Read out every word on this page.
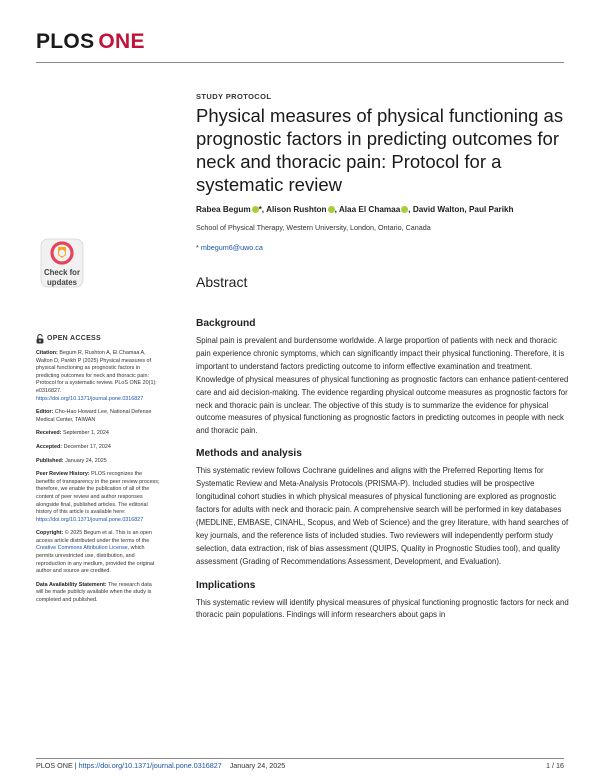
PLOS ONE
STUDY PROTOCOL
Physical measures of physical functioning as prognostic factors in predicting outcomes for neck and thoracic pain: Protocol for a systematic review
Rabea Begum *, Alison Rushton , Alaa El Chamaa , David Walton, Paul Parikh
School of Physical Therapy, Western University, London, Ontario, Canada
* mbegum6@uwo.ca
Abstract
Check for
updates
OPEN ACCESS
Citation: Begum R, Rushton A, El Chamaa A, Walton D, Parikh P (2025) Physical measures of physical functioning as prognostic factors in predicting outcomes for neck and thoracic pain: Protocol for a systematic review. PLoS ONE 20(1): e0316827. https://doi.org/10.1371/journal.pone.0316827
Editor: Cho-Hao Howard Lee, National Defense Medical Center, TAIWAN
Received: September 1, 2024
Accepted: December 17, 2024
Published: January 24, 2025
Peer Review History: PLOS recognizes the benefits of transparency in the peer review process; therefore, we enable the publication of all of the content of peer review and author responses alongside final, published articles. The editorial history of this article is available here: https://doi.org/10.1371/journal.pone.0316827
Copyright: © 2025 Begum et al. This is an open access article distributed under the terms of the Creative Commons Attribution License, which permits unrestricted use, distribution, and reproduction in any medium, provided the original author and source are credited.
Data Availability Statement: The research data will be made publicly available when the study is completed and published.
Background

Spinal pain is prevalent and burdensome worldwide. A large proportion of patients with neck and thoracic pain experience chronic symptoms, which can significantly impact their physical functioning. Therefore, it is important to understand factors predicting outcome to inform effective examination and treatment. Knowledge of physical measures of physical functioning as prognostic factors can enhance patient-centered care and aid decision-making. The evidence regarding physical outcome measures as prognostic factors for neck and thoracic pain is unclear. The objective of this study is to summarize the evidence for physical outcome measures of physical functioning as prognostic factors in predicting outcomes in people with neck and thoracic pain.

Methods and analysis

This systematic review follows Cochrane guidelines and aligns with the Preferred Reporting Items for Systematic Review and Meta-Analysis Protocols (PRISMA-P). Included studies will be prospective longitudinal cohort studies in which physical measures of physical functioning are explored as prognostic factors for adults with neck and thoracic pain. A comprehensive search will be performed in key databases (MEDLINE, EMBASE, CINAHL, Scopus, and Web of Science) and the grey literature, with hand searches of key journals, and the reference lists of included studies. Two reviewers will independently perform study selection, data extraction, risk of bias assessment (QUIPS, Quality in Prognostic Studies tool), and quality assessment (Grading of Recommendations Assessment, Development, and Evaluation).

Implications

This systematic review will identify physical measures of physical functioning prognostic factors for neck and thoracic pain populations. Findings will inform researchers about gaps in

PLOS ONE | https://doi.org/10.1371/journal.pone.0316827 January 24, 2025	1 / 16
